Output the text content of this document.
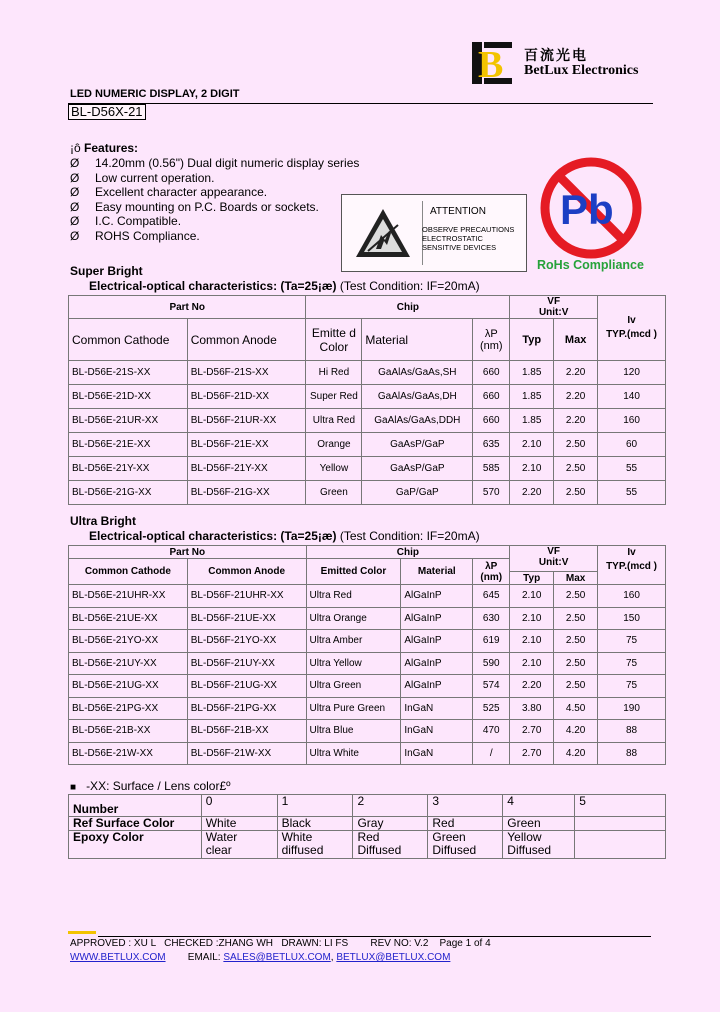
B 百流光电
BetLux Electronics
LED NUMERIC DISPLAY, 2 DIGIT
BL-D56X-21
¡ô Features:
Ø 14.20mm (0.56") Dual digit numeric display series
Ø Low current operation.
Ø Excellent character appearance.
Ø Easy mounting on P.C. Boards or sockets.
Ø I.C. Compatible.
Ø ROHS Compliance.
ATTENTION
OBSERVE PRECAUTIONS
ELECTROSTATIC
SENSITIVE DEVICES
Pb
RoHs Compliance
Super Bright
Electrical-optical characteristics: (Ta=25¡æ) (Test Condition: IF=20mA)
Part No		Chip			VF
Unit:V		Iv
TYP.(mcd )
Common Cathode	Common Anode	Emitte d Color	Material	λP (nm)	Typ	Max	
BL-D56E-21S-XX	BL-D56F-21S-XX	Hi Red	GaAlAs/GaAs,SH	660	1.85	2.20	120
BL-D56E-21D-XX	BL-D56F-21D-XX	Super Red	GaAlAs/GaAs,DH	660	1.85	2.20	140
BL-D56E-21UR-XX	BL-D56F-21UR-XX	Ultra Red	GaAlAs/GaAs,DDH	660	1.85	2.20	160
BL-D56E-21E-XX	BL-D56F-21E-XX	Orange	GaAsP/GaP	635	2.10	2.50	60
BL-D56E-21Y-XX	BL-D56F-21Y-XX	Yellow	GaAsP/GaP	585	2.10	2.50	55
BL-D56E-21G-XX	BL-D56F-21G-XX	Green	GaP/GaP	570	2.20	2.50	55
Ultra Bright
Electrical-optical characteristics: (Ta=25¡æ) (Test Condition: IF=20mA)
Part No		Chip			VF
Unit:V		Iv
TYP.(mcd )
Common Cathode	Common Anode	Emitted Color	Material	λP (nm)			
					Typ	Max	
BL-D56E-21UHR-XX	BL-D56F-21UHR-XX	Ultra Red	AlGaInP	645	2.10	2.50	160
BL-D56E-21UE-XX	BL-D56F-21UE-XX	Ultra Orange	AlGaInP	630	2.10	2.50	150
BL-D56E-21YO-XX	BL-D56F-21YO-XX	Ultra Amber	AlGaInP	619	2.10	2.50	75
BL-D56E-21UY-XX	BL-D56F-21UY-XX	Ultra Yellow	AlGaInP	590	2.10	2.50	75
BL-D56E-21UG-XX	BL-D56F-21UG-XX	Ultra Green	AlGaInP	574	2.20	2.50	75
BL-D56E-21PG-XX	BL-D56F-21PG-XX	Ultra Pure Green	InGaN	525	3.80	4.50	190
BL-D56E-21B-XX	BL-D56F-21B-XX	Ultra Blue	InGaN	470	2.70	4.20	88
BL-D56E-21W-XX	BL-D56F-21W-XX	Ultra White	InGaN	/	2.70	4.20	88
■ -XX: Surface / Lens color£º
Number	0	1	2	3	4	5
Ref Surface Color	White	Black	Gray	Red	Green	
Epoxy Color	Water clear	White diffused	Red Diffused	Green Diffused	Yellow Diffused	
APPROVED : XU L   CHECKED :ZHANG WH   DRAWN: LI FS        REV NO: V.2    Page 1 of 4
WWW.BETLUX.COM EMAIL: SALES@BETLUX.COM, BETLUX@BETLUX.COM
